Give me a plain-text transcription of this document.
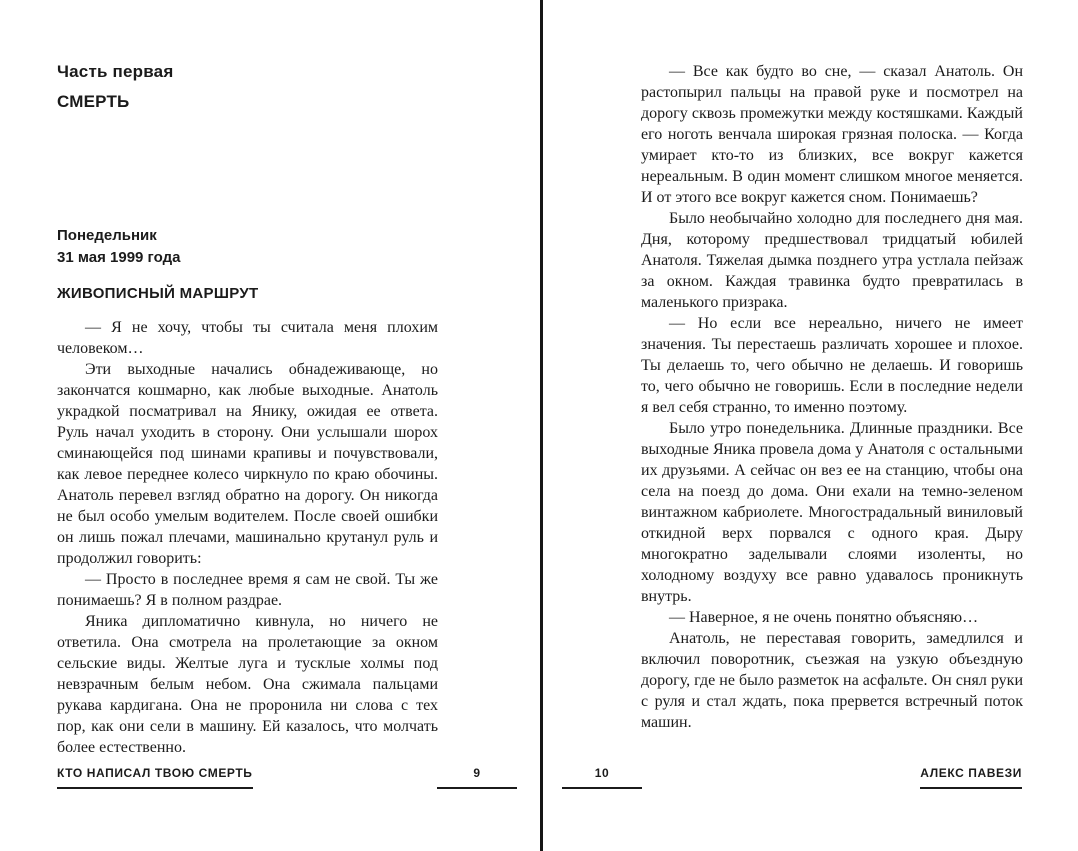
Часть первая
СМЕРТЬ
Понедельник
31 мая 1999 года
ЖИВОПИСНЫЙ МАРШРУТ

— Я не хочу, чтобы ты считала меня плохим человеком…

Эти выходные начались обнадеживающе, но закончатся кошмарно, как любые выходные. Анатоль украдкой посматривал на Янику, ожидая ее ответа. Руль начал уходить в сторону. Они услышали шорох сминающейся под шинами крапивы и почувствовали, как левое переднее колесо чиркнуло по краю обочины. Анатоль перевел взгляд обратно на дорогу. Он никогда не был особо умелым водителем. После своей ошибки он лишь пожал плечами, машинально крутанул руль и продолжил говорить:

— Просто в последнее время я сам не свой. Ты же понимаешь? Я в полном раздрае.

Яника дипломатично кивнула, но ничего не ответила. Она смотрела на пролетающие за окном сельские виды. Желтые луга и тусклые холмы под невзрачным белым небом. Она сжимала пальцами рукава кардигана. Она не проронила ни слова с тех пор, как они сели в машину. Ей казалось, что молчать более естественно.

— Все как будто во сне, — сказал Анатоль. Он растопырил пальцы на правой руке и посмотрел на дорогу сквозь промежутки между костяшками. Каждый его ноготь венчала широкая грязная полоска. — Когда умирает кто-то из близких, все вокруг кажется нереальным. В один момент слишком многое меняется. И от этого все вокруг кажется сном. Понимаешь?

Было необычайно холодно для последнего дня мая. Дня, которому предшествовал тридцатый юбилей Анатоля. Тяжелая дымка позднего утра устлала пейзаж за окном. Каждая травинка будто превратилась в маленького призрака.

— Но если все нереально, ничего не имеет значения. Ты перестаешь различать хорошее и плохое. Ты делаешь то, чего обычно не делаешь. И говоришь то, чего обычно не говоришь. Если в последние недели я вел себя странно, то именно поэтому.

Было утро понедельника. Длинные праздники. Все выходные Яника провела дома у Анатоля с остальными их друзьями. А сейчас он вез ее на станцию, чтобы она села на поезд до дома. Они ехали на темно-зеленом винтажном кабриолете. Многострадальный виниловый откидной верх порвался с одного края. Дыру многократно заделывали слоями изоленты, но холодному воздуху все равно удавалось проникнуть внутрь.

— Наверное, я не очень понятно объясняю…

Анатоль, не переставая говорить, замедлился и включил поворотник, съезжая на узкую объездную дорогу, где не было разметок на асфальте. Он снял руки с руля и стал ждать, пока прервется встречный поток машин.

КТО НАПИСАЛ ТВОЮ СМЕРТЬ	9	10	АЛЕКС ПАВЕЗИ
